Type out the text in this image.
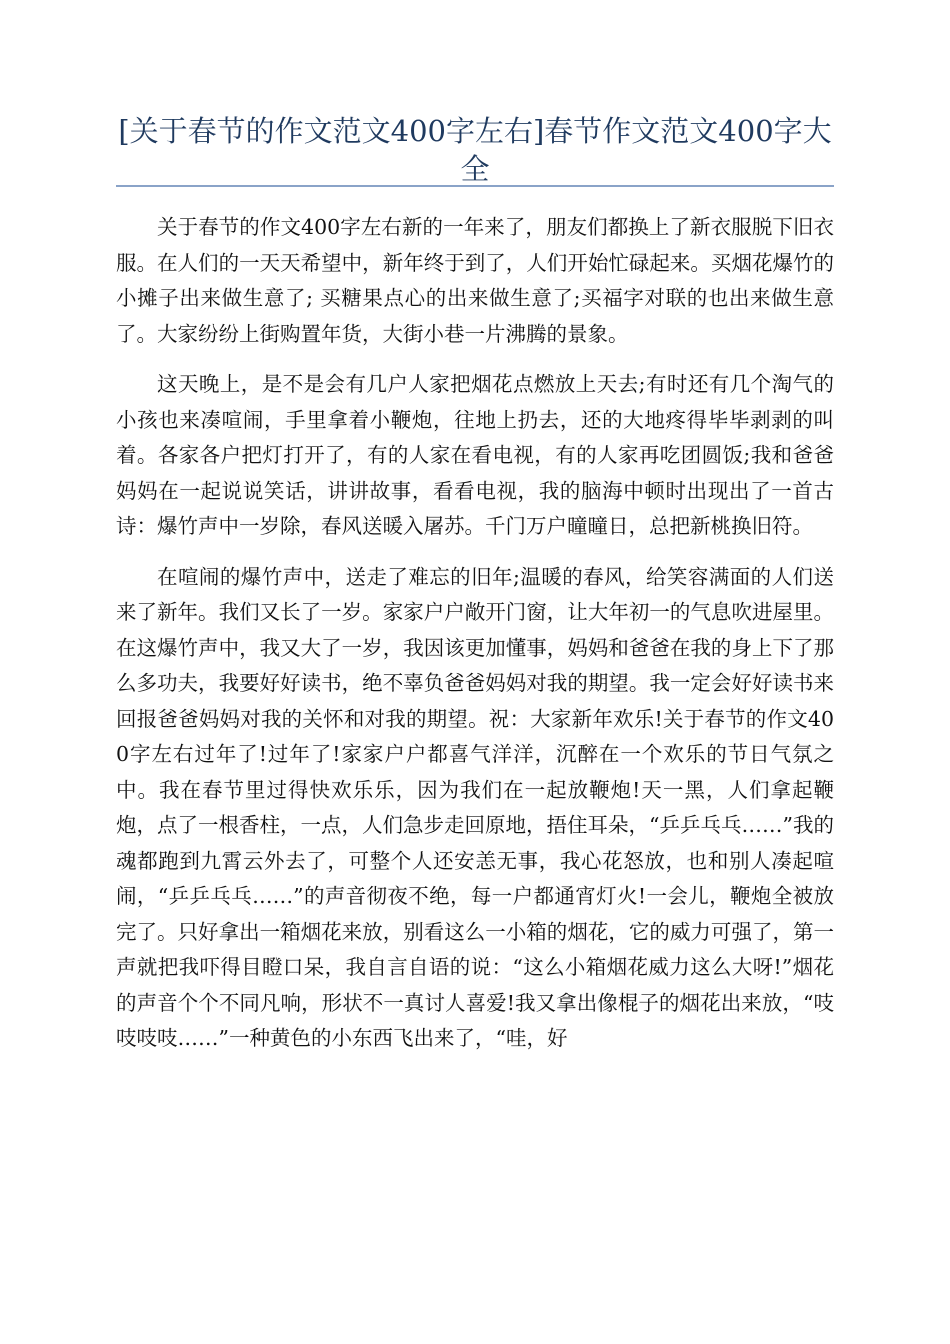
[关于春节的作文范文400字左右]春节作文范文400字大全

关于春节的作文400字左右新的一年来了，朋友们都换上了新衣服脱下旧衣服。在人们的一天天希望中，新年终于到了，人们开始忙碌起来。买烟花爆竹的小摊子出来做生意了; 买糖果点心的出来做生意了;买福字对联的也出来做生意了。大家纷纷上街购置年货，大街小巷一片沸腾的景象。

这天晚上，是不是会有几户人家把烟花点燃放上天去;有时还有几个淘气的小孩也来凑喧闹，手里拿着小鞭炮，往地上扔去，还的大地疼得毕毕剥剥的叫着。各家各户把灯打开了，有的人家在看电视，有的人家再吃团圆饭;我和爸爸妈妈在一起说说笑话，讲讲故事，看看电视，我的脑海中顿时出现出了一首古诗：爆竹声中一岁除，春风送暖入屠苏。千门万户曈曈日，总把新桃换旧符。

在喧闹的爆竹声中，送走了难忘的旧年;温暖的春风，给笑容满面的人们送来了新年。我们又长了一岁。家家户户敞开门窗，让大年初一的气息吹进屋里。在这爆竹声中，我又大了一岁，我因该更加懂事，妈妈和爸爸在我的身上下了那么多功夫，我要好好读书，绝不辜负爸爸妈妈对我的期望。我一定会好好读书来回报爸爸妈妈对我的关怀和对我的期望。祝：大家新年欢乐!关于春节的作文400字左右过年了!过年了!家家户户都喜气洋洋，沉醉在一个欢乐的节日气氛之中。我在春节里过得快欢乐乐，因为我们在一起放鞭炮!天一黑，人们拿起鞭炮，点了一根香柱，一点，人们急步走回原地，捂住耳朵，“乒乒乓乓……”我的魂都跑到九霄云外去了，可整个人还安恙无事，我心花怒放，也和别人凑起喧闹，“乒乒乓乓……”的声音彻夜不绝，每一户都通宵灯火!一会儿，鞭炮全被放完了。只好拿出一箱烟花来放，别看这么一小箱的烟花，它的威力可强了，第一声就把我吓得目瞪口呆，我自言自语的说：“这么小箱烟花威力这么大呀!”烟花的声音个个不同凡响，形状不一真讨人喜爱!我又拿出像棍子的烟花出来放，“吱吱吱吱……”一种黄色的小东西飞出来了，“哇，好
